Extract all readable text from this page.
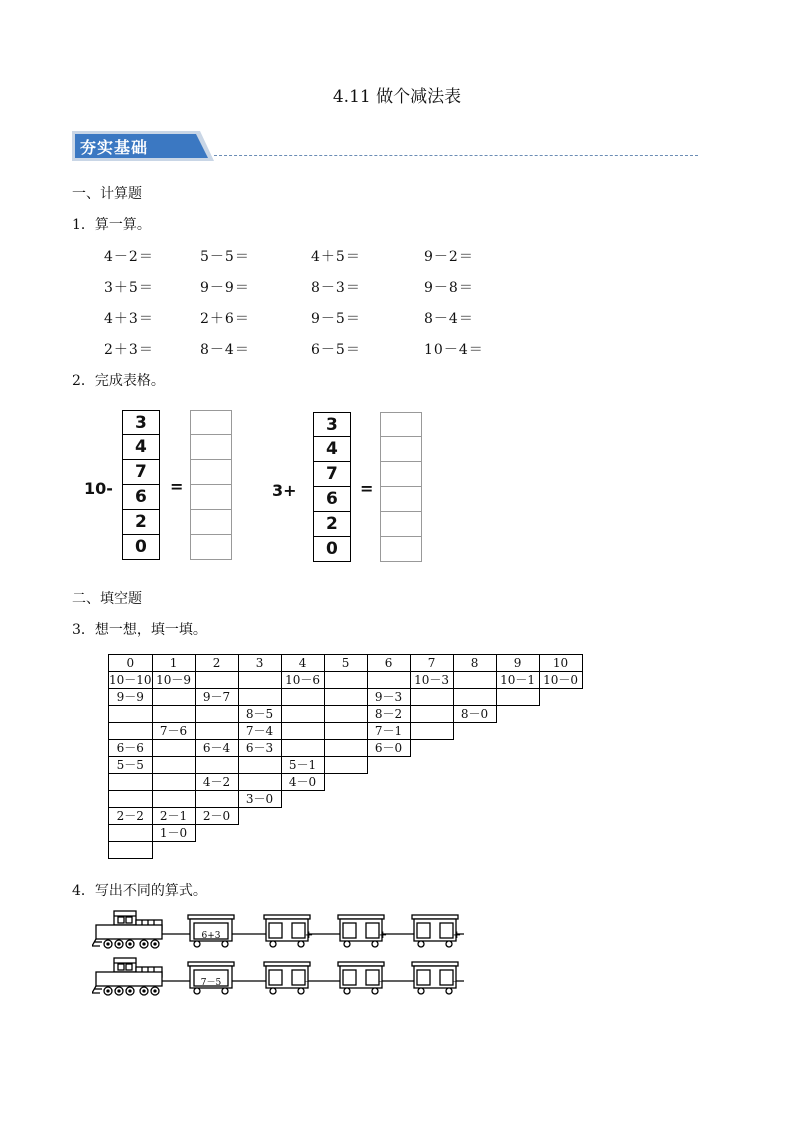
4.11 做个减法表
夯实基础
一、计算题
1．算一算。
4－2＝	5－5＝	4＋5＝	9－2＝
3＋5＝	9－9＝	8－3＝	9－8＝
4＋3＝	2＋6＝	9－5＝	8－4＝
2＋3＝	8－4＝	6－5＝	10－4＝
2．完成表格。
10-
3
4
7
6
2
0
=	3+
3
4
7
6
2
0
=
二、填空题
3．想一想，填一填。
0	1	2	3	4	5	6	7	8	9	10
10－10	10－9			10－6			10－3		10－1	10－0
9－9		9－7				9－3				
			8－5			8－2		8－0		
	7－6		7－4			7－1				
6－6		6－4	6－3			6－0				
5－5				5－1						
		4－2		4－0						
			3－0							
2－2	2－1	2－0								
	1－0									

4．写出不同的算式。
6+3	+	+	+
7－5	－	－	－
